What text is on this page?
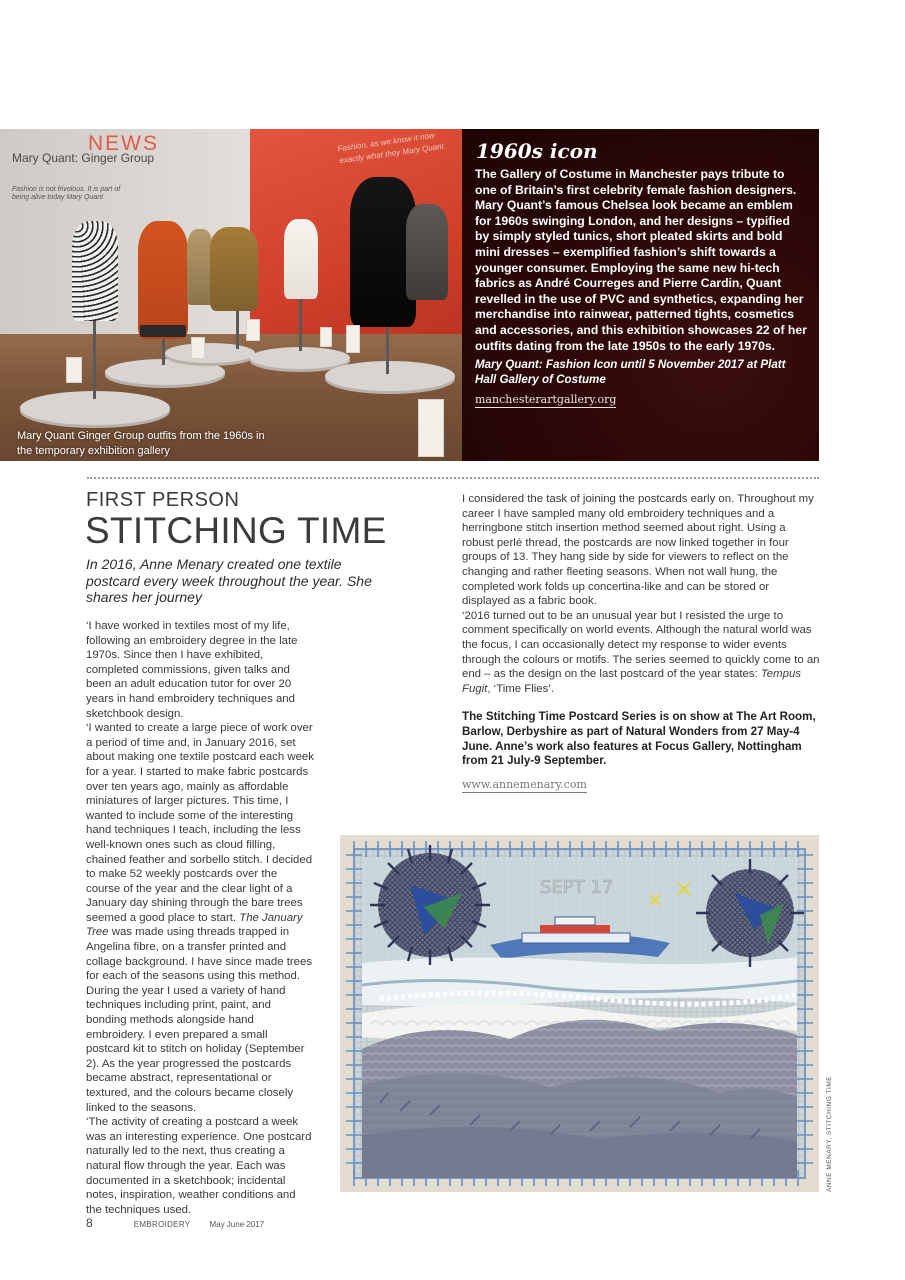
NEWS
Mary Quant: Ginger Group
Fashion is not frivolous. It is part of being alive today Mary Quant
Fashion, as we know it now exactly what they Mary Quant
Mary Quant Ginger Group outfits from the 1960s in the temporary exhibition gallery
1960s icon

The Gallery of Costume in Manchester pays tribute to one of Britain’s first celebrity female fashion designers.

Mary Quant’s famous Chelsea look became an emblem for 1960s swinging London, and her designs – typified by simply styled tunics, short pleated skirts and bold mini dresses – exemplified fashion’s shift towards a younger consumer. Employing the same new hi-tech fabrics as André Courreges and Pierre Cardin, Quant revelled in the use of PVC and synthetics, expanding her merchandise into rainwear, patterned tights, cosmetics and accessories, and this exhibition showcases 22 of her outfits dating from the late 1950s to the early 1970s.

Mary Quant: Fashion Icon until 5 November 2017 at Platt Hall Gallery of Costume
manchesterartgallery.org
FIRST PERSON
STITCHING TIME
In 2016, Anne Menary created one textile postcard every week throughout the year. She shares her journey

‘I have worked in textiles most of my life, following an embroidery degree in the late 1970s. Since then I have exhibited, completed commissions, given talks and been an adult education tutor for over 20 years in hand embroidery techniques and sketchbook design.

‘I wanted to create a large piece of work over a period of time and, in January 2016, set about making one textile postcard each week for a year. I started to make fabric postcards over ten years ago, mainly as affordable miniatures of larger pictures. This time, I wanted to include some of the interesting hand techniques I teach, including the less well-known ones such as cloud filling, chained feather and sorbello stitch. I decided to make 52 weekly postcards over the course of the year and the clear light of a January day shining through the bare trees seemed a good place to start. The January Tree was made using threads trapped in Angelina fibre, on a transfer printed and collage background. I have since made trees for each of the seasons using this method. During the year I used a variety of hand techniques including print, paint, and bonding methods alongside hand embroidery. I even prepared a small postcard kit to stitch on holiday (September 2). As the year progressed the postcards became abstract, representational or textured, and the colours became closely linked to the seasons.

‘The activity of creating a postcard a week was an interesting experience. One postcard naturally led to the next, thus creating a natural flow through the year. Each was documented in a sketchbook; incidental notes, inspiration, weather conditions and the techniques used.

I considered the task of joining the postcards early on. Throughout my career I have sampled many old embroidery techniques and a herringbone stitch insertion method seemed about right. Using a robust perlé thread, the postcards are now linked together in four groups of 13. They hang side by side for viewers to reflect on the changing and rather fleeting seasons. When not wall hung, the completed work folds up concertina-like and can be stored or displayed as a fabric book.

‘2016 turned out to be an unusual year but I resisted the urge to comment specifically on world events. Although the natural world was the focus, I can occasionally detect my response to wider events through the colours or motifs. The series seemed to quickly come to an end – as the design on the last postcard of the year states: Tempus Fugit, ‘Time Flies’.

The Stitching Time Postcard Series is on show at The Art Room, Barlow, Derbyshire as part of Natural Wonders from 27 May-4 June. Anne’s work also features at Focus Gallery, Nottingham from 21 July-9 September.

www.annemenary.com
SEPT 17
ANNE MENARY, STITCHING TIME
8	EMBROIDERY May June 2017
